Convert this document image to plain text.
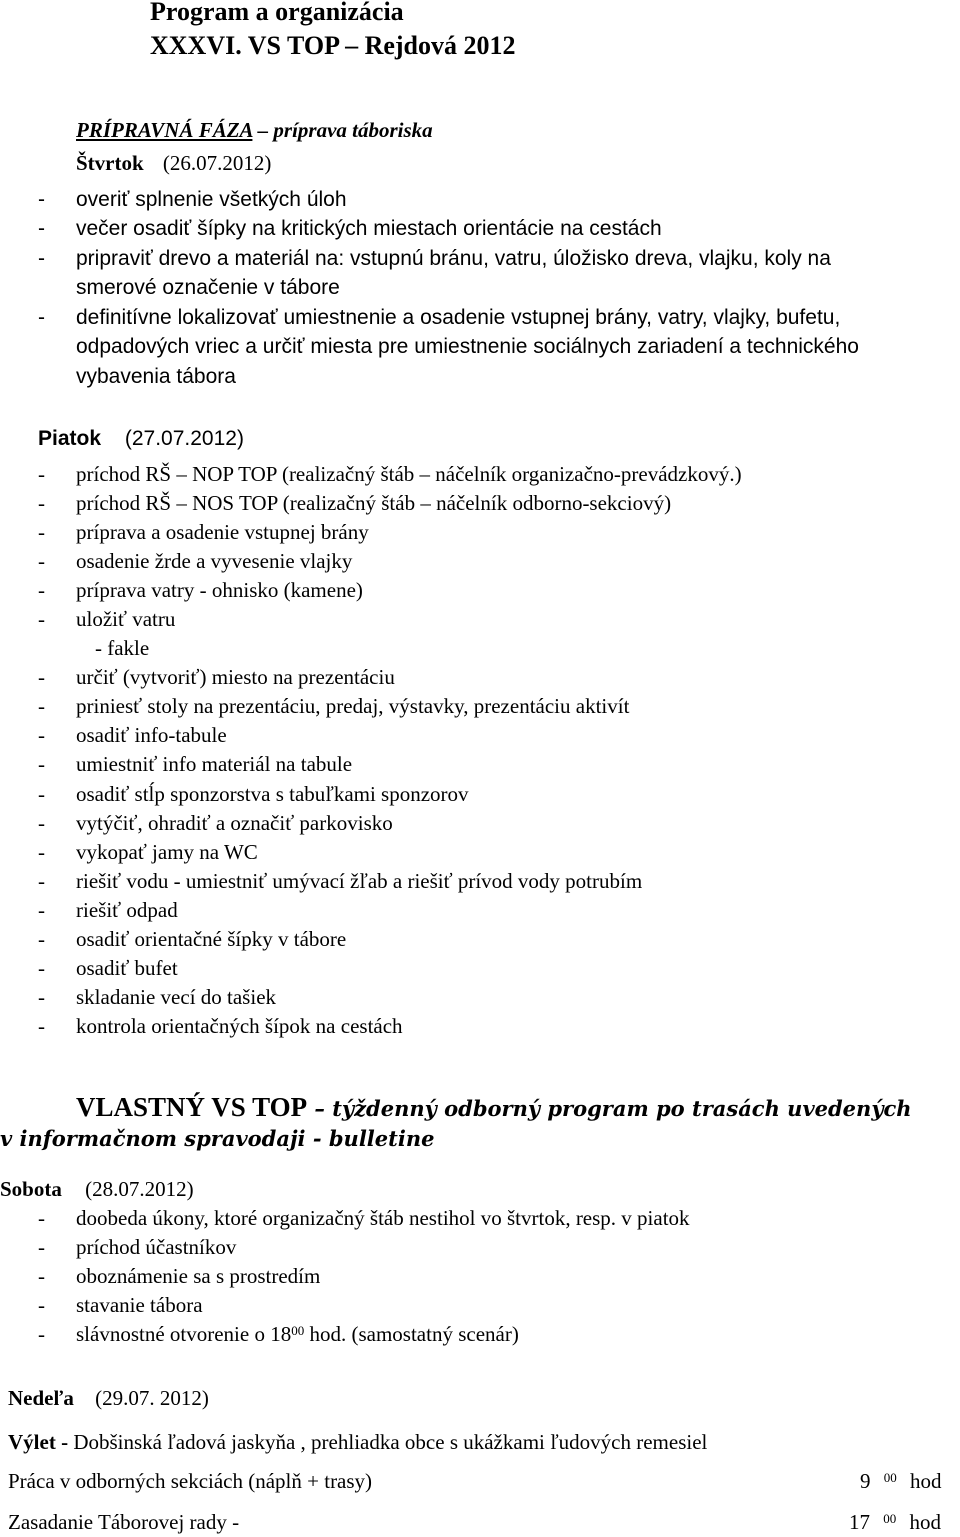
Program a organizácia
XXXVI. VS TOP – Rejdová 2012
PRÍPRAVNÁ FÁZA – príprava táboriska
Štvrtok (26.07.2012)
- overiť splnenie všetkých úloh
- večer osadiť šípky na kritických miestach orientácie na cestách
- pripraviť drevo a materiál na: vstupnú bránu, vatru, úložisko dreva, vlajku, koly na
smerové označenie v tábore
- definitívne lokalizovať umiestnenie a osadenie vstupnej brány, vatry, vlajky, bufetu,
odpadových vriec a určiť miesta pre umiestnenie sociálnych zariadení a technického
vybavenia tábora
Piatok (27.07.2012)
- príchod RŠ – NOP TOP (realizačný štáb – náčelník organizačno-prevádzkový.)
- príchod RŠ – NOS TOP (realizačný štáb – náčelník odborno-sekciový)
- príprava a osadenie vstupnej brány
- osadenie žrde a vyvesenie vlajky
- príprava vatry - ohnisko (kamene)
- uložiť vatru
- fakle
- určiť (vytvoriť) miesto na prezentáciu
- priniesť stoly na prezentáciu, predaj, výstavky, prezentáciu aktivít
- osadiť info-tabule
- umiestniť info materiál na tabule
- osadiť stĺp sponzorstva s tabuľkami sponzorov
- vytýčiť, ohradiť a označiť parkovisko
- vykopať jamy na WC
- riešiť vodu - umiestniť umývací žľab a riešiť prívod vody potrubím
- riešiť odpad
- osadiť orientačné šípky v tábore
- osadiť bufet
- skladanie vecí do tašiek
- kontrola orientačných šípok na cestách
VLASTNÝ VS TOP – týždenný odborný program po trasách uvedených
v informačnom spravodaji - bulletine
Sobota (28.07.2012)
- doobeda úkony, ktoré organizačný štáb nestihol vo štvrtok, resp. v piatok
- príchod účastníkov
- oboznámenie sa s prostredím
- stavanie tábora
- slávnostné otvorenie o $18^{00}$ hod. (samostatný scenár)
Nedeľa (29.07. 2012)
Výlet - Dobšinská ľadová jaskyňa , prehliadka obce s ukážkami ľudových remesiel
Práca v odborných sekciách (náplň + trasy)	9 $^{00}$ hod
Zasadanie Táborovej rady -	17 $^{00}$ hod
